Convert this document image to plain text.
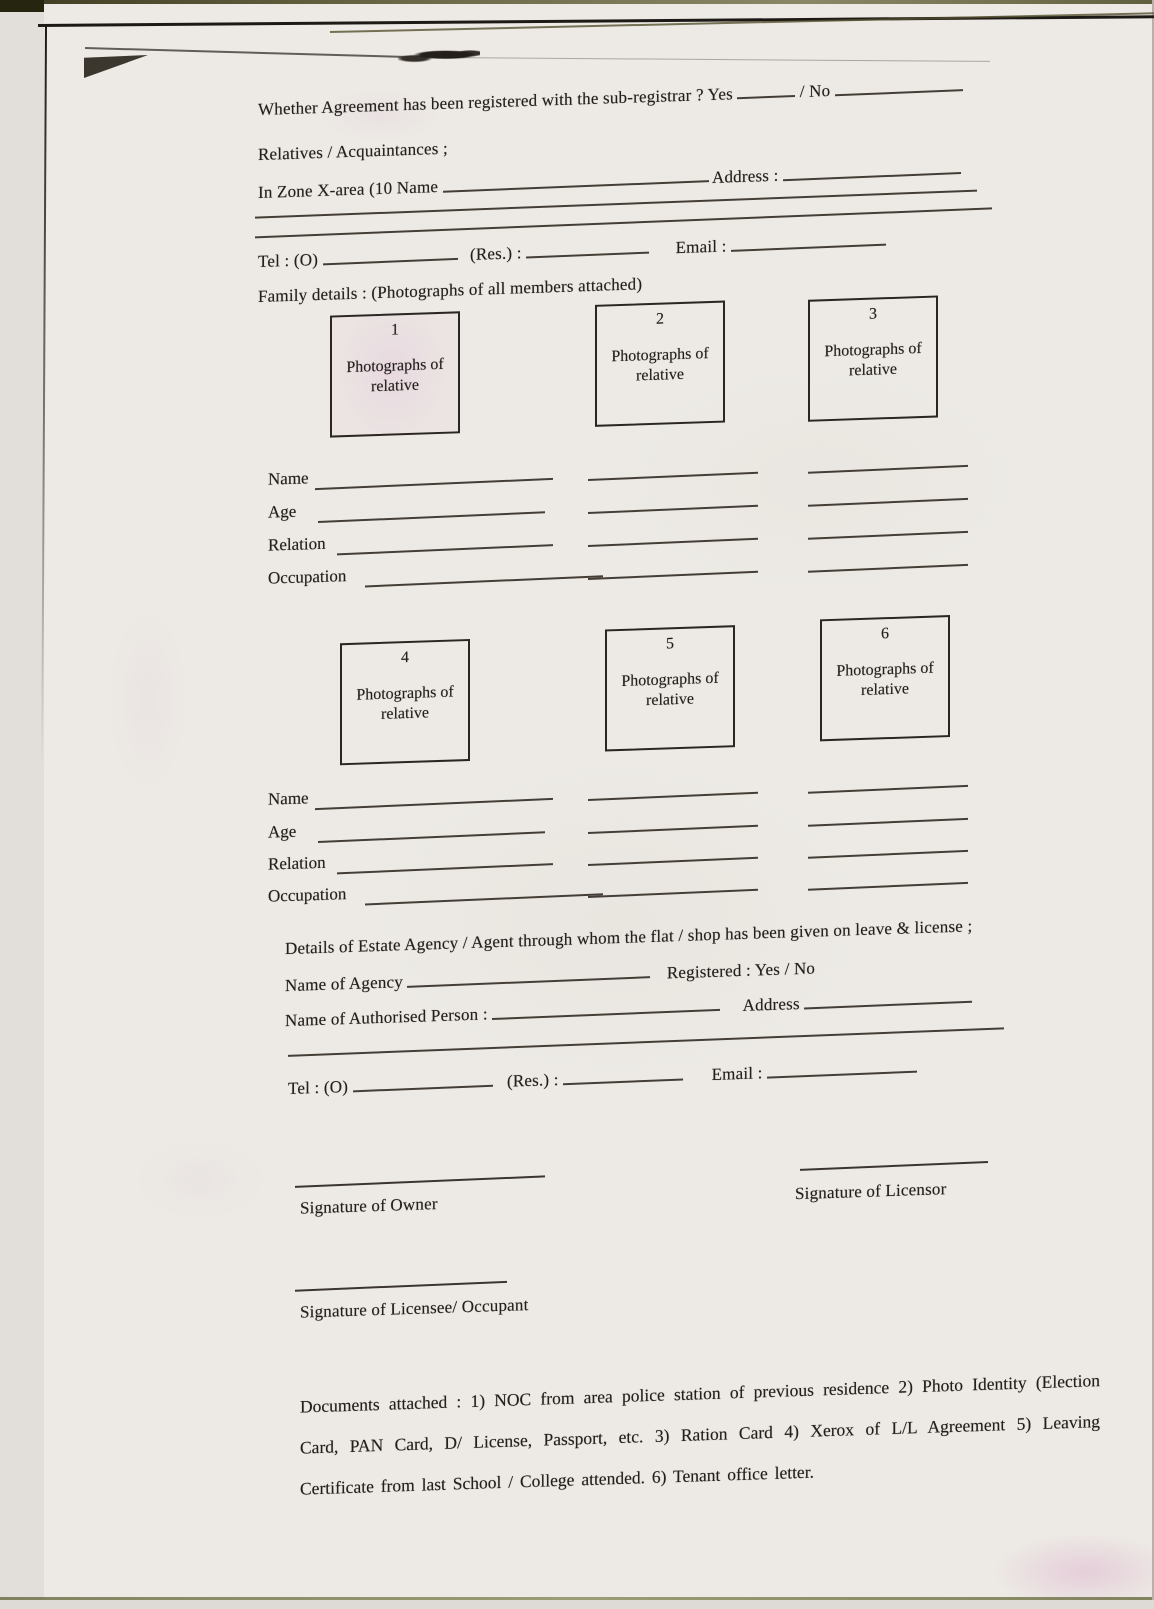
Whether Agreement has been registered with the sub-registrar ? Yes	/ No
Relatives / Acquaintances ;
In Zone X-area (10 Name
Address :
Tel : (O)	(Res.) :	Email :
Family details : (Photographs of all members attached)
1
Photographs of relative
2
Photographs of relative
3
Photographs of relative
Name
Age
Relation
Occupation
4
Photographs of relative
5
Photographs of relative
6
Photographs of relative
Name
Age
Relation
Occupation
Details of Estate Agency / Agent through whom the flat / shop has been given on leave & license ;
Name of Agency  Registered : Yes / No
Name of Authorised Person :	Address
Tel : (O)	(Res.) :	Email :
Signature of Owner
Signature of Licensor
Signature of Licensee/ Occupant
Documents attached : 1) NOC from area police station of previous residence 2) Photo Identity (Election Card, PAN Card, D/ License, Passport, etc. 3) Ration Card 4) Xerox of L/L Agreement 5) Leaving Certificate from last School / College attended. 6) Tenant office letter.
